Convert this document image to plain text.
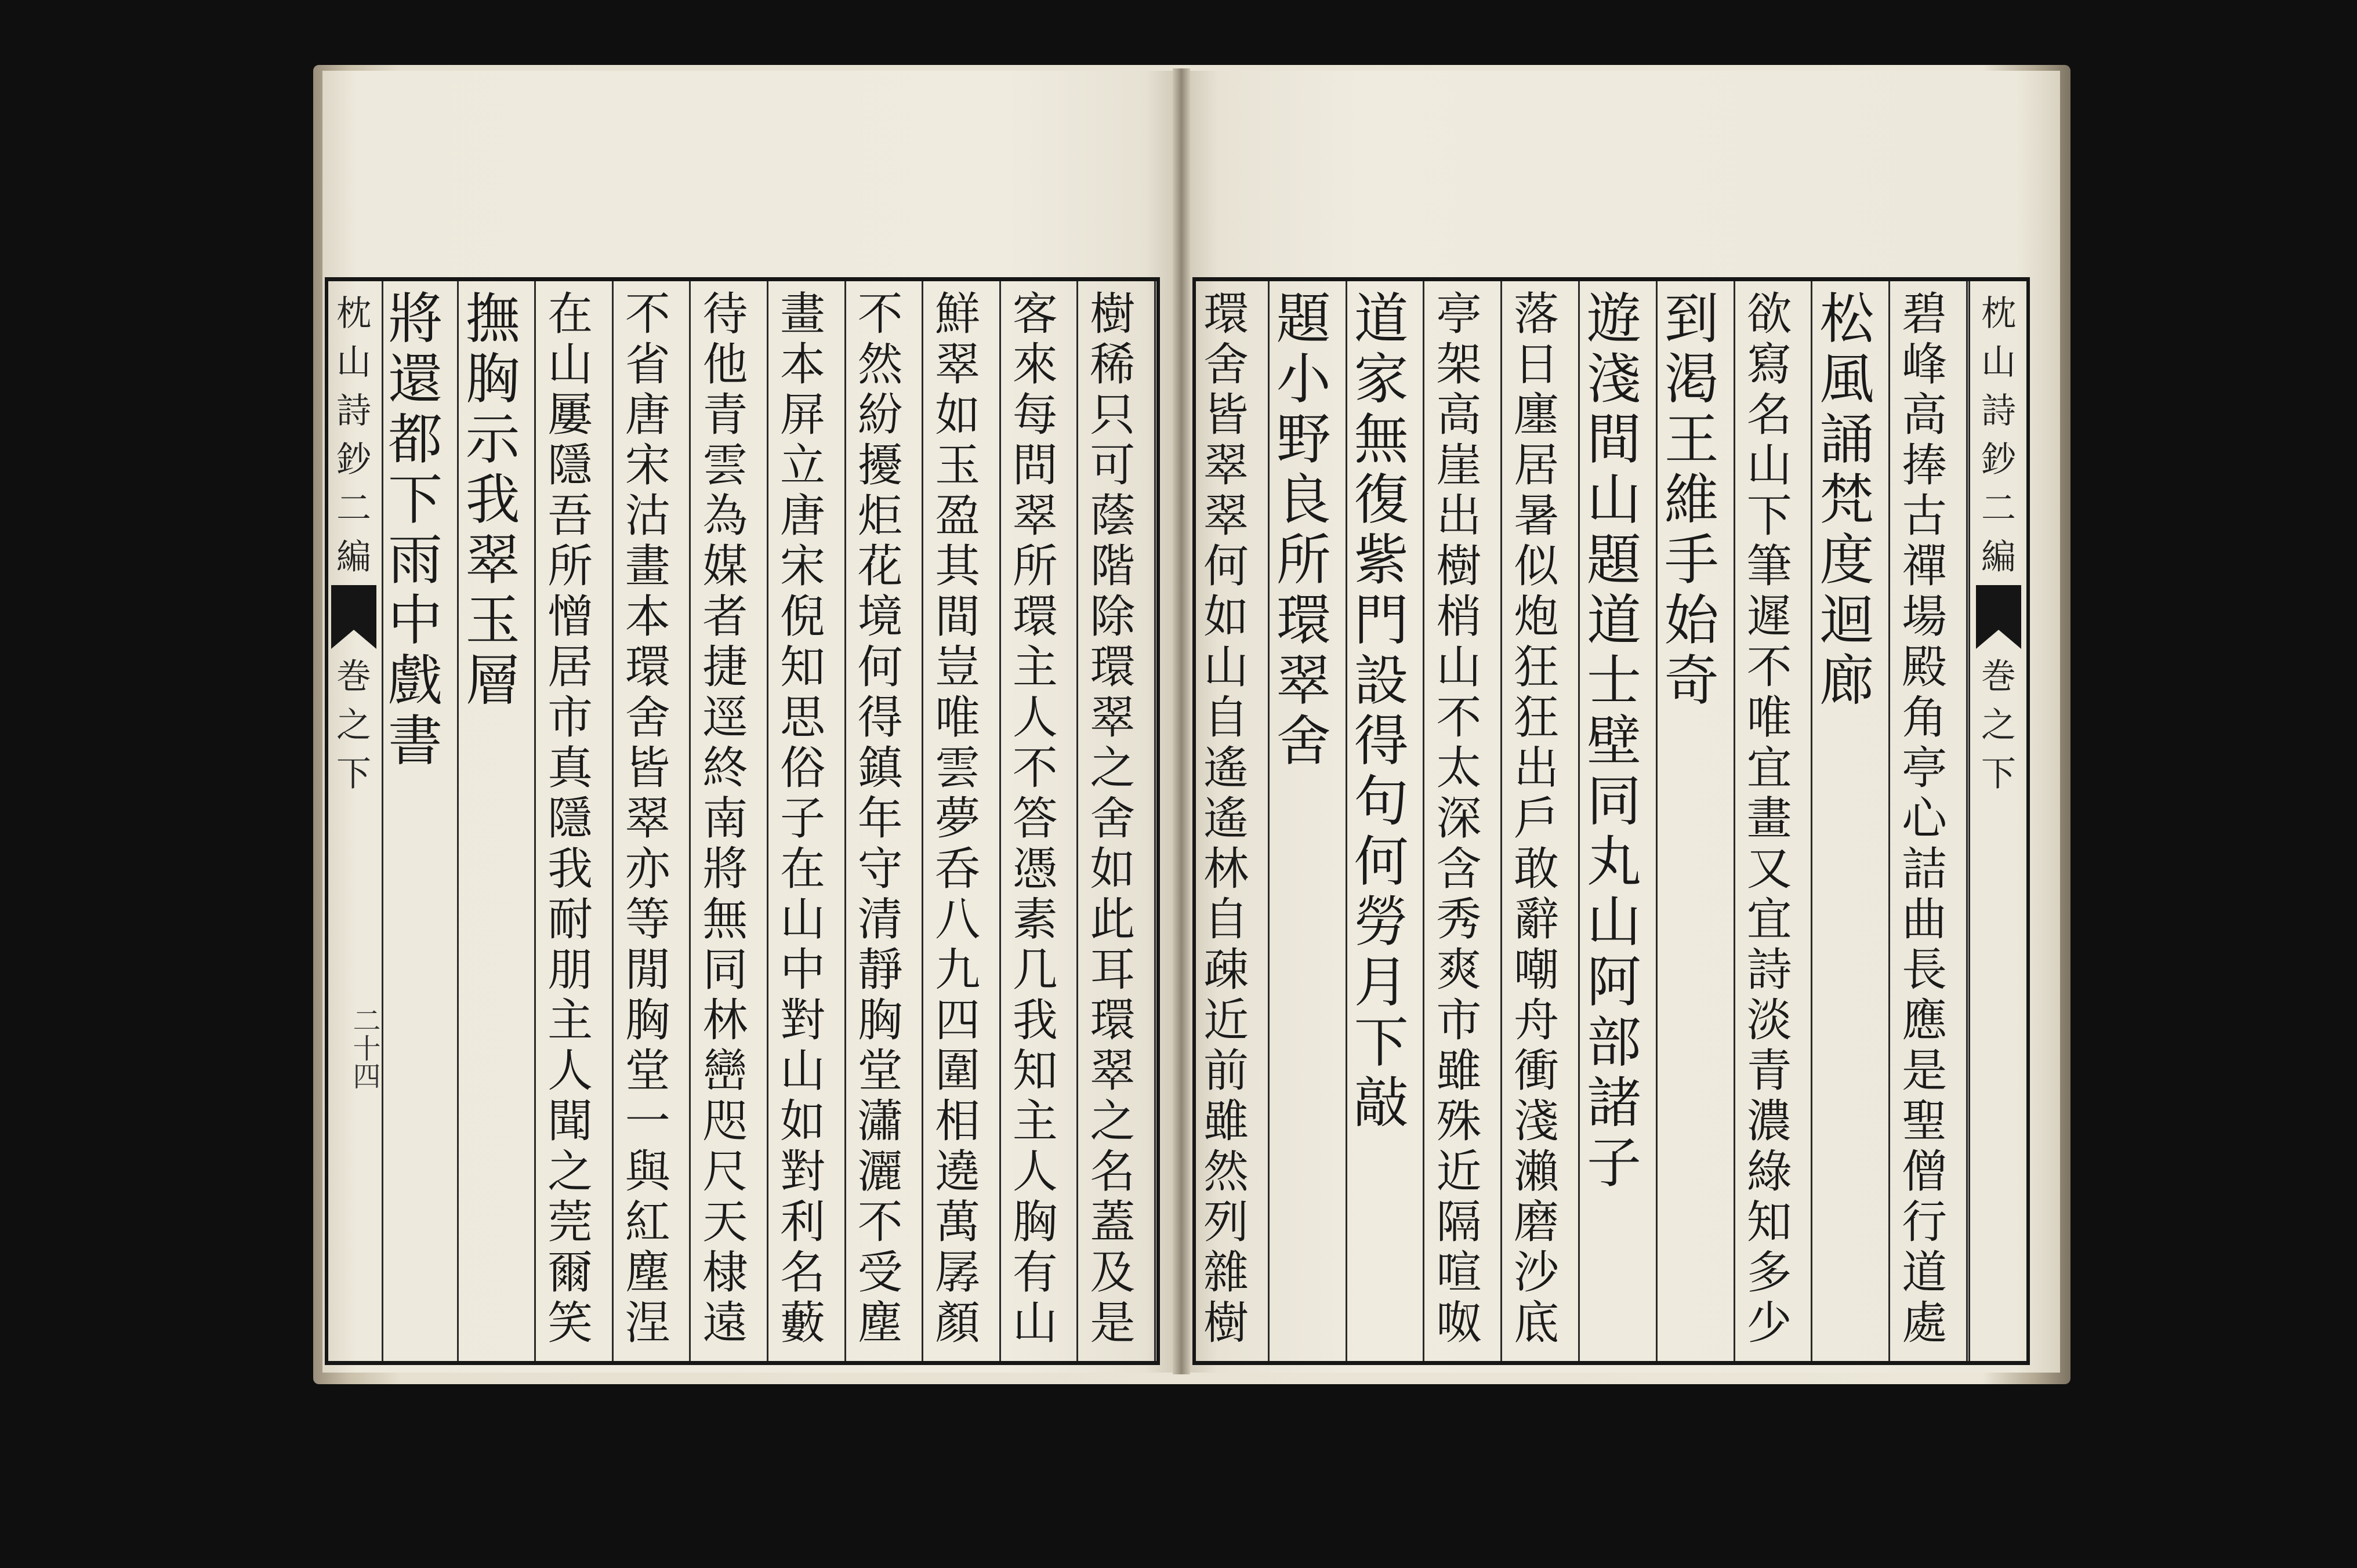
枕
山
詩
鈔
二
編
巻
之
下
二十四
樹
稀
只
可
蔭
階
除
環
翠
之
舍
如
此
耳
環
翠
之
名
蓋
及
是
客
來
每
問
翠
所
環
主
人
不
答
憑
素
几
我
知
主
人
胸
有
山
鮮
翠
如
玉
盈
其
間
豈
唯
雲
夢
呑
八
九
四
圍
相
遶
萬
孱
顏
不
然
紛
擾
炬
花
境
何
得
鎮
年
守
清
靜
胸
堂
瀟
灑
不
受
塵
畫
本
屏
立
唐
宋
倪
知
思
俗
子
在
山
中
對
山
如
對
利
名
藪
待
他
青
雲
為
媒
者
捷
逕
終
南
將
無
同
林
巒
咫
尺
天
棣
遠
不
省
唐
宋
沽
畫
本
環
舍
皆
翠
亦
等
閒
胸
堂
一
與
紅
塵
涅
在
山
屢
隱
吾
所
憎
居
市
真
隱
我
耐
朋
主
人
聞
之
莞
爾
笑
撫
胸
示
我
翠
玉
層
將
還
都
下
雨
中
戲
書
枕
山
詩
鈔
二
編
巻
之
下
碧
峰
高
捧
古
禪
場
殿
角
亭
心
詰
曲
長
應
是
聖
僧
行
道
處
松
風
誦
梵
度
迴
廊
欲
寫
名
山
下
筆
遲
不
唯
宜
畫
又
宜
詩
淡
青
濃
綠
知
多
少
到
渇
王
維
手
始
奇
遊
淺
間
山
題
道
士
壁
同
丸
山
阿
部
諸
子
落
日
廛
居
暑
似
炮
狂
狂
出
戶
敢
辭
嘲
舟
衝
淺
瀨
磨
沙
底
亭
架
高
崖
出
樹
梢
山
不
太
深
含
秀
爽
市
雖
殊
近
隔
喧
呶
道
家
無
復
紫
門
設
得
句
何
勞
月
下
敲
題
小
野
良
所
環
翠
舍
環
舍
皆
翠
翠
何
如
山
自
遙
遙
林
自
疎
近
前
雖
然
列
雜
樹
